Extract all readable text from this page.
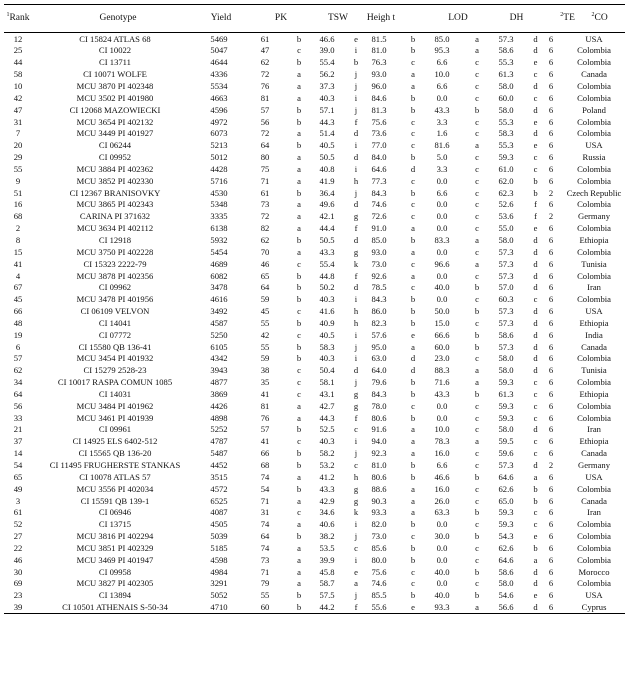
$^1$Rank	Genotype	Yield		PK		TSW		Heigh t		LOD		DH		$^2$TE $^2$CO	
12	CI 15824 ATLAS 68	5469		61	b	46.6	e	81.5	b	85.0	a	57.3	d	6	USA
25	CI 10022	5047		47	c	39.0	i	81.0	b	95.3	a	58.6	d	6	Colombia
44	CI 13711	4644		62	b	55.4	b	76.3	c	6.6	c	55.3	e	6	Colombia
58	CI 10071 WOLFE	4336		72	a	56.2	j	93.0	a	10.0	c	61.3	c	6	Canada
10	MCU 3870 PI 402348	5534		76	a	37.3	j	96.0	a	6.6	c	58.0	d	6	Colombia
42	MCU 3502 PI 401980	4663		81	a	40.3	i	84.6	b	0.0	c	60.0	c	6	Colombia
47	CI 12068 MAZOWIECKI	4596		57	b	57.1	j	81.3	b	43.3	b	58.0	d	6	Poland
31	MCU 3654 PI 402132	4972		56	b	44.3	f	75.6	c	3.3	c	55.3	e	6	Colombia
7	MCU 3449 PI 401927	6073		72	a	51.4	d	73.6	c	1.6	c	58.3	d	6	Colombia
20	CI 06244	5213		64	b	40.5	i	77.0	c	81.6	a	55.3	e	6	USA
29	CI 09952	5012		80	a	50.5	d	84.0	b	5.0	c	59.3	c	6	Russia
55	MCU 3884 PI 402362	4428		75	a	40.8	i	64.6	d	3.3	c	61.0	c	6	Colombia
9	MCU 3852 PI 402330	5716		71	a	41.9	h	77.3	c	0.0	c	62.0	b	6	Colombia
51	CI 12367 BRANISOVKY	4530		61	b	36.4	j	84.3	b	6.6	c	62.3	b	2	Czech Republic
16	MCU 3865 PI 402343	5348		73	a	49.6	d	74.6	c	0.0	c	52.6	f	6	Colombia
68	CARINA PI 371632	3335		72	a	42.1	g	72.6	c	0.0	c	53.6	f	2	Germany
2	MCU 3634 PI 402112	6138		82	a	44.4	f	91.0	a	0.0	c	55.0	e	6	Colombia
8	CI 12918	5932		62	b	50.5	d	85.0	b	83.3	a	58.0	d	6	Ethiopia
15	MCU 3750 PI 402228	5454		70	a	43.3	g	93.0	a	0.0	c	57.3	d	6	Colombia
41	CI 15323 2222-79	4689		46	c	55.4	k	73.0	c	96.6	a	57.3	d	6	Tunisia
4	MCU 3878 PI 402356	6082		65	b	44.8	f	92.6	a	0.0	c	57.3	d	6	Colombia
67	CI 09962	3478		64	b	50.2	d	78.5	c	40.0	b	57.0	d	6	Iran
45	MCU 3478 PI 401956	4616		59	b	40.3	i	84.3	b	0.0	c	60.3	c	6	Colombia
66	CI 06109 VELVON	3492		45	c	41.6	h	86.0	b	50.0	b	57.3	d	6	USA
48	CI 14041	4587		55	b	40.9	h	82.3	b	15.0	c	57.3	d	6	Ethiopia
19	CI 07772	5250		42	c	40.5	i	57.6	e	66.6	b	58.6	d	6	India
6	CI 15580 QB 136-41	6105		55	b	58.3	j	95.0	a	60.0	b	57.3	d	6	Canada
57	MCU 3454 PI 401932	4342		59	b	40.3	i	63.0	d	23.0	c	58.0	d	6	Colombia
62	CI 15279 2528-23	3943		38	c	50.4	d	64.0	d	88.3	a	58.0	d	6	Tunisia
34	CI 10017 RASPA COMUN 1085	4877		35	c	58.1	j	79.6	b	71.6	a	59.3	c	6	Colombia
64	CI 14031	3869		41	c	43.1	g	84.3	b	43.3	b	61.3	c	6	Ethiopia
56	MCU 3484 PI 401962	4426		81	a	42.7	g	78.0	c	0.0	c	59.3	c	6	Colombia
33	MCU 3461 PI 401939	4898		76	a	44.3	f	80.6	b	0.0	c	59.3	c	6	Colombia
21	CI 09961	5252		57	b	52.5	c	91.6	a	10.0	c	58.0	d	6	Iran
37	CI 14925 ELS 6402-512	4787		41	c	40.3	i	94.0	a	78.3	a	59.5	c	6	Ethiopia
14	CI 15565 QB 136-20	5487		66	b	58.2	j	92.3	a	16.0	c	59.6	c	6	Canada
54	CI 11495 FRUGHERSTE STANKAS	4452		68	b	53.2	c	81.0	b	6.6	c	57.3	d	2	Germany
65	CI 10078 ATLAS 57	3515		74	a	41.2	h	80.6	b	46.6	b	64.6	a	6	USA
49	MCU 3556 PI 402034	4572		54	b	43.3	g	88.6	a	16.0	c	62.6	b	6	Colombia
3	CI 15591 QB 139-1	6525		71	a	42.9	g	90.3	a	26.0	c	65.0	b	6	Canada
61	CI 06946	4087		31	c	34.6	k	93.3	a	63.3	b	59.3	c	6	Iran
52	CI 13715	4505		74	a	40.6	i	82.0	b	0.0	c	59.3	c	6	Colombia
27	MCU 3816 PI 402294	5039		64	b	38.2	j	73.0	c	30.0	b	54.3	e	6	Colombia
22	MCU 3851 PI 402329	5185		74	a	53.5	c	85.6	b	0.0	c	62.6	b	6	Colombia
46	MCU 3469 PI 401947	4598		73	a	39.9	i	80.0	b	0.0	c	64.6	a	6	Colombia
30	CI 09958	4984		71	a	45.8	e	75.6	c	40.0	b	58.6	d	6	Morocco
69	MCU 3827 PI 402305	3291		79	a	58.7	a	74.6	c	0.0	c	58.0	d	6	Colombia
23	CI 13894	5052		55	b	57.5	j	85.5	b	40.0	b	54.6	e	6	USA
39	CI 10501 ATHENAIS S-50-34	4710		60	b	44.2	f	55.6	e	93.3	a	56.6	d	6	Cyprus
